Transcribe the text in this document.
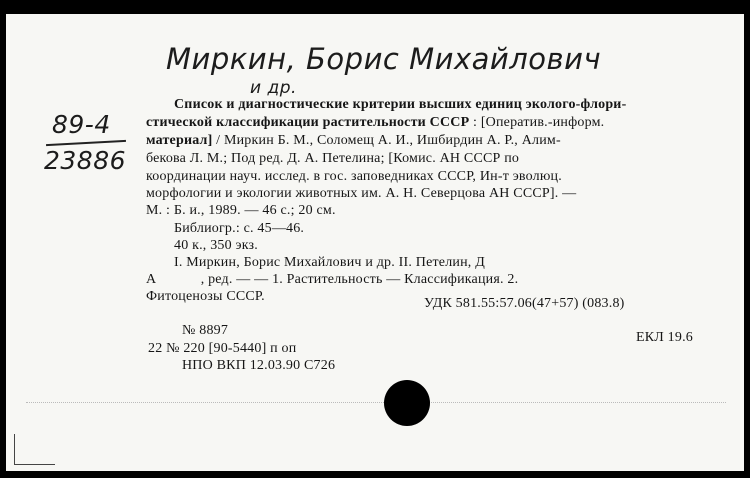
Миркин, Борис Михайлович
и др.
89-4
23886
Список и диагностические критерии высших единиц эколого-флори-
стической классификации растительности СССР : [Оператив.-информ.
материал] / Миркин Б. М., Соломещ А. И., Ишбирдин А. Р., Алим-
бекова Л. М.; Под ред. Д. А. Петелина; [Комис. АН СССР по
координации науч. исслед. в гос. заповедниках СССР, Ин-т эволюц.
морфологии и экологии животных им. А. Н. Северцова АН СССР]. —
М. : Б. и., 1989. — 46 с.; 20 см.
Библиогр.: с. 45—46.
40 к., 350 экз.
I. Миркин, Борис Михайлович и др. II. Петелин, Д
А            , ред. — — 1. Растительность — Классификация. 2.
Фитоценозы СССР.	УДК 581.55:57.06(47+57) (083.8)
№ 8897	ЕКЛ 19.6
22 № 220 [90-5440] п оп
НПО ВКП 12.03.90 С726
